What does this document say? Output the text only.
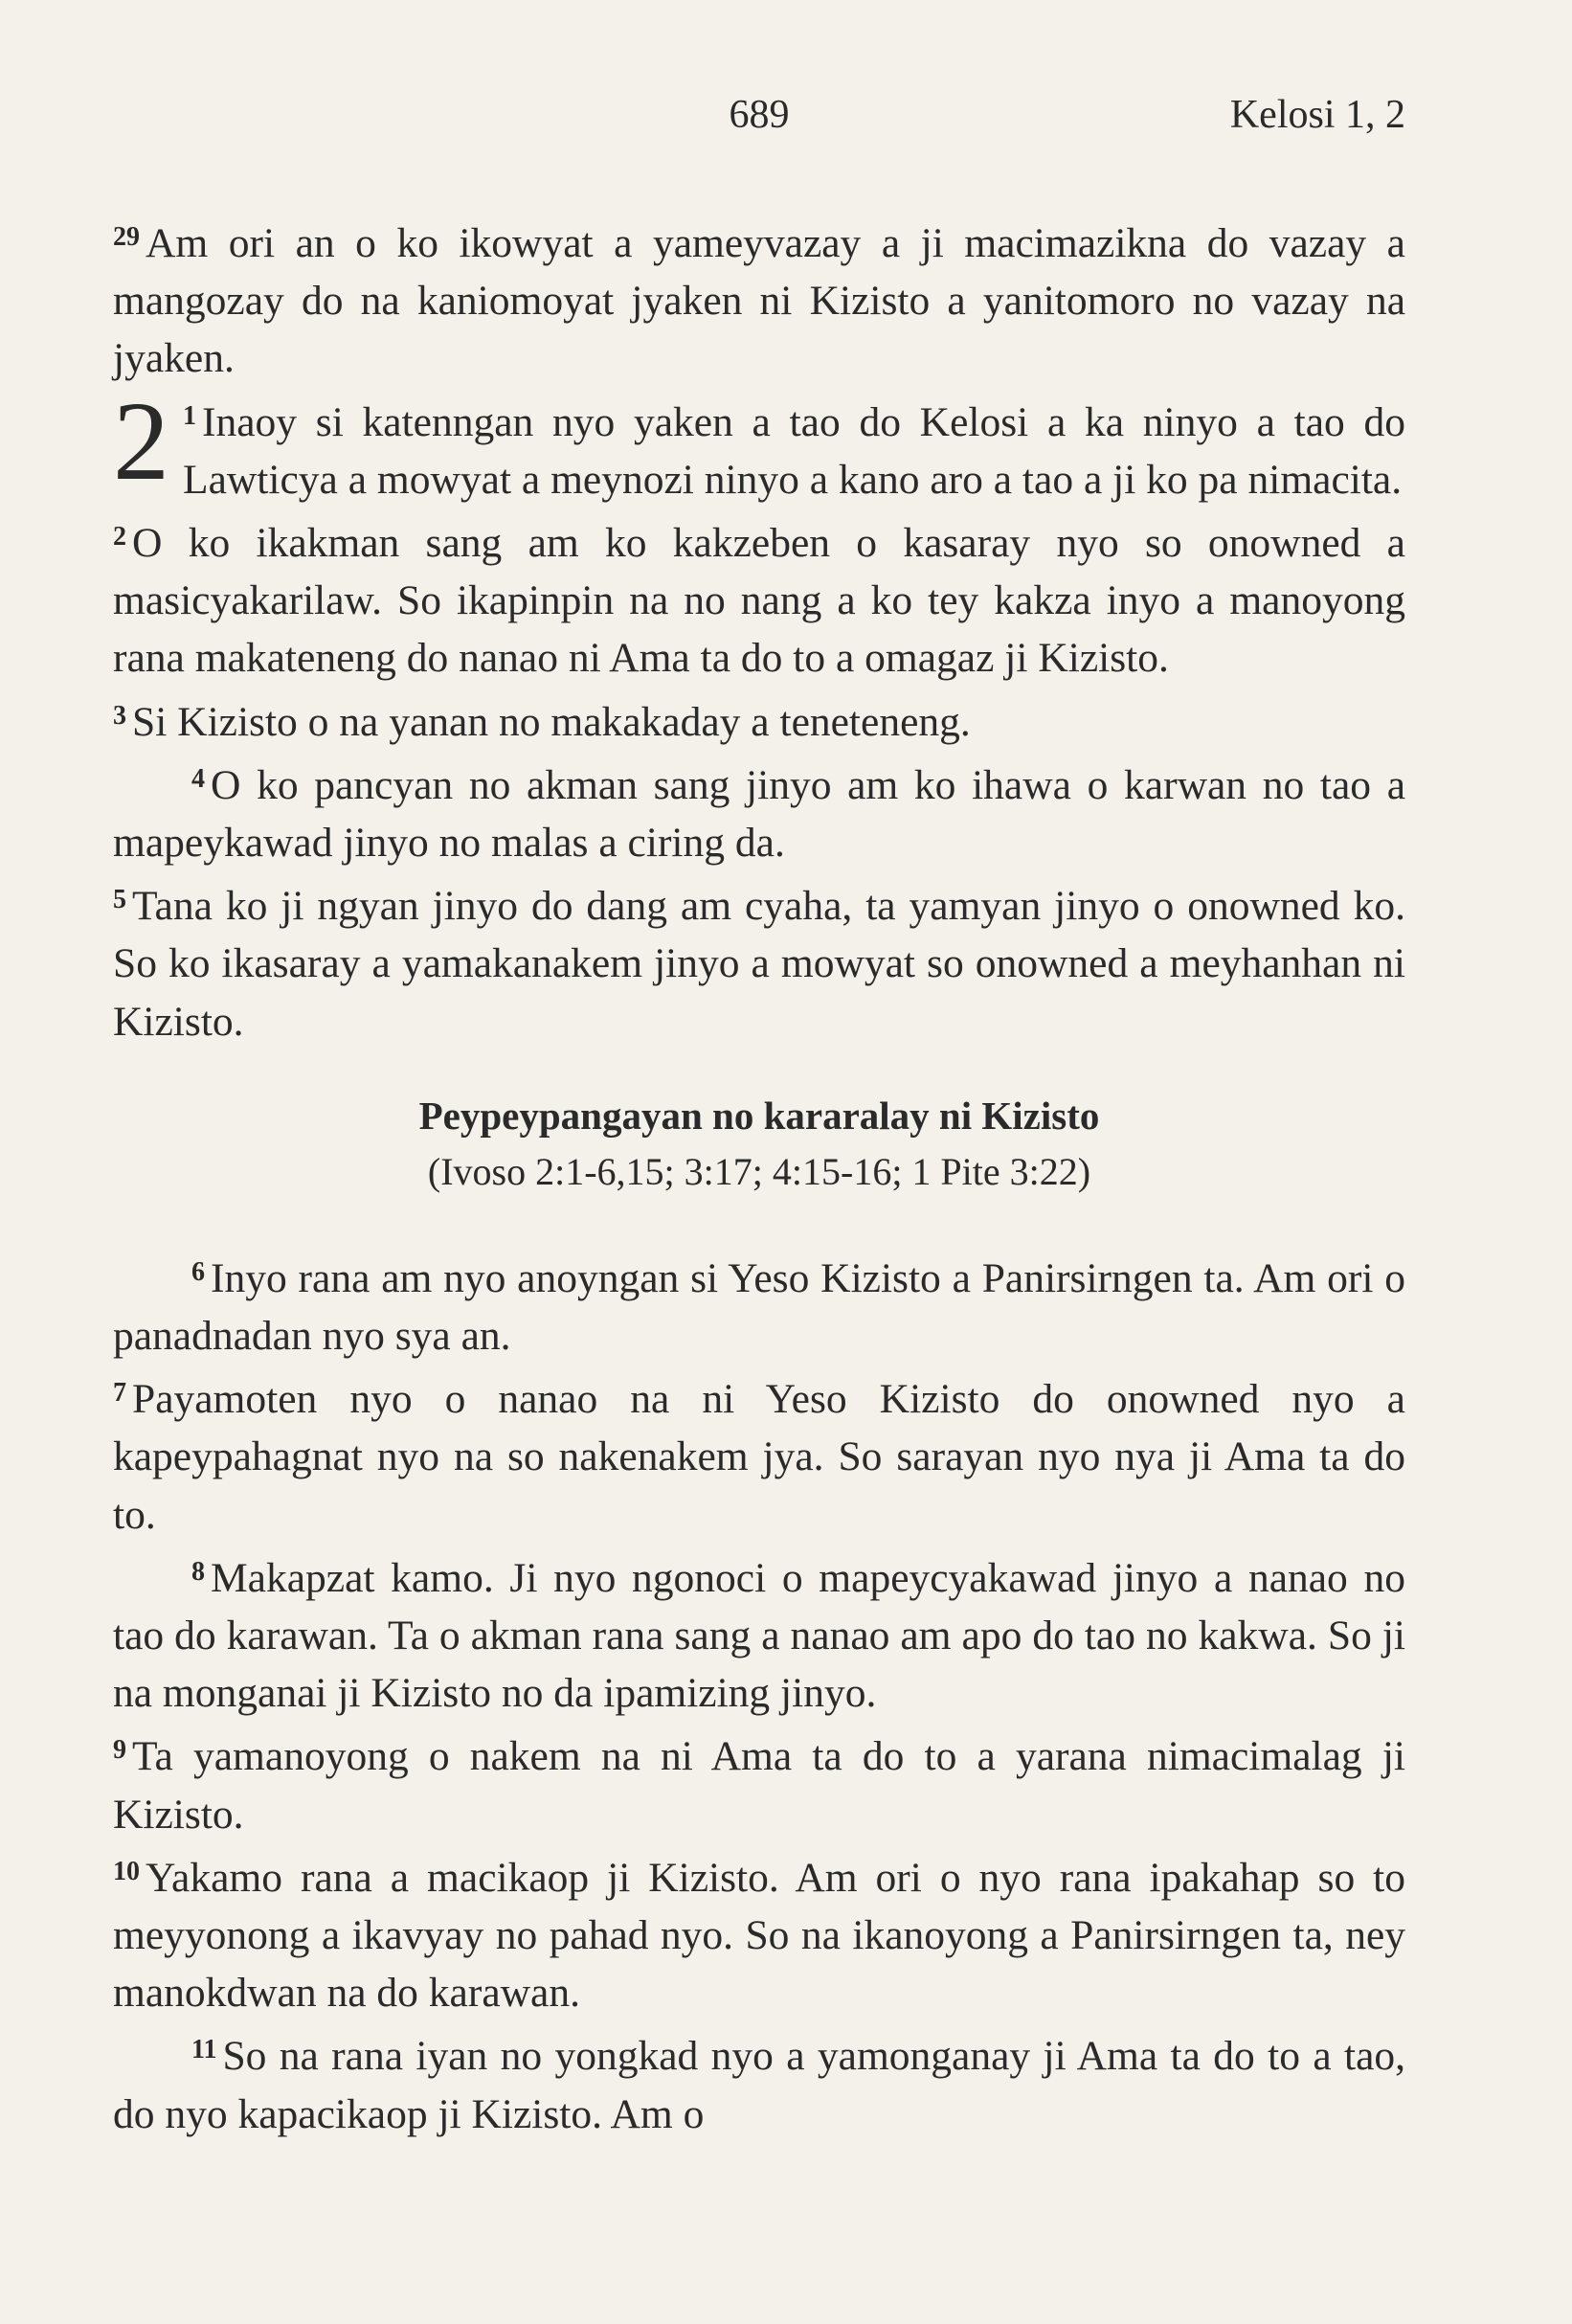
689	Kelosi 1, 2

$^{29}$ Am ori an o ko ikowyat a yameyvazay a ji macimazikna do vazay a mangozay do na kaniomoyat jyaken ni Kizisto a yanitomoro no vazay na jyaken.

2 $^1$ Inaoy si katenngan nyo yaken a tao do Kelosi a ka ninyo a tao do Lawticya a mowyat a meynozi ninyo a kano aro a tao a ji ko pa nimacita.

$^2$ O ko ikakman sang am ko kakzeben o kasaray nyo so onowned a masicyakarilaw. So ikapinpin na no nang a ko tey kakza inyo a manoyong rana makateneng do nanao ni Ama ta do to a omagaz ji Kizisto.

$^3$ Si Kizisto o na yanan no makakaday a teneteneng.

$^4$ O ko pancyan no akman sang jinyo am ko ihawa o karwan no tao a mapeykawad jinyo no malas a ciring da.

$^5$ Tana ko ji ngyan jinyo do dang am cyaha, ta yamyan jinyo o onowned ko. So ko ikasaray a yamakanakem jinyo a mowyat so onowned a meyhanhan ni Kizisto.

Peypeypangayan no kararalay ni Kizisto
(Ivoso 2:1-6,15; 3:17; 4:15-16; 1 Pite 3:22)

$^6$ Inyo rana am nyo anoyngan si Yeso Kizisto a Panirsirngen ta. Am ori o panadnadan nyo sya an.

$^7$ Payamoten nyo o nanao na ni Yeso Kizisto do onowned nyo a kapeypahagnat nyo na so nakenakem jya. So sarayan nyo nya ji Ama ta do to.

$^8$ Makapzat kamo. Ji nyo ngonoci o mapeycyakawad jinyo a nanao no tao do karawan. Ta o akman rana sang a nanao am apo do tao no kakwa. So ji na monganai ji Kizisto no da ipamizing jinyo.

$^9$ Ta yamanoyong o nakem na ni Ama ta do to a yarana nimacimalag ji Kizisto.

$^{10}$ Yakamo rana a macikaop ji Kizisto. Am ori o nyo rana ipakahap so to meyyonong a ikavyay no pahad nyo. So na ikanoyong a Panirsirngen ta, ney manokdwan na do karawan.

$^{11}$ So na rana iyan no yongkad nyo a yamonganay ji Ama ta do to a tao, do nyo kapacikaop ji Kizisto. Am o
